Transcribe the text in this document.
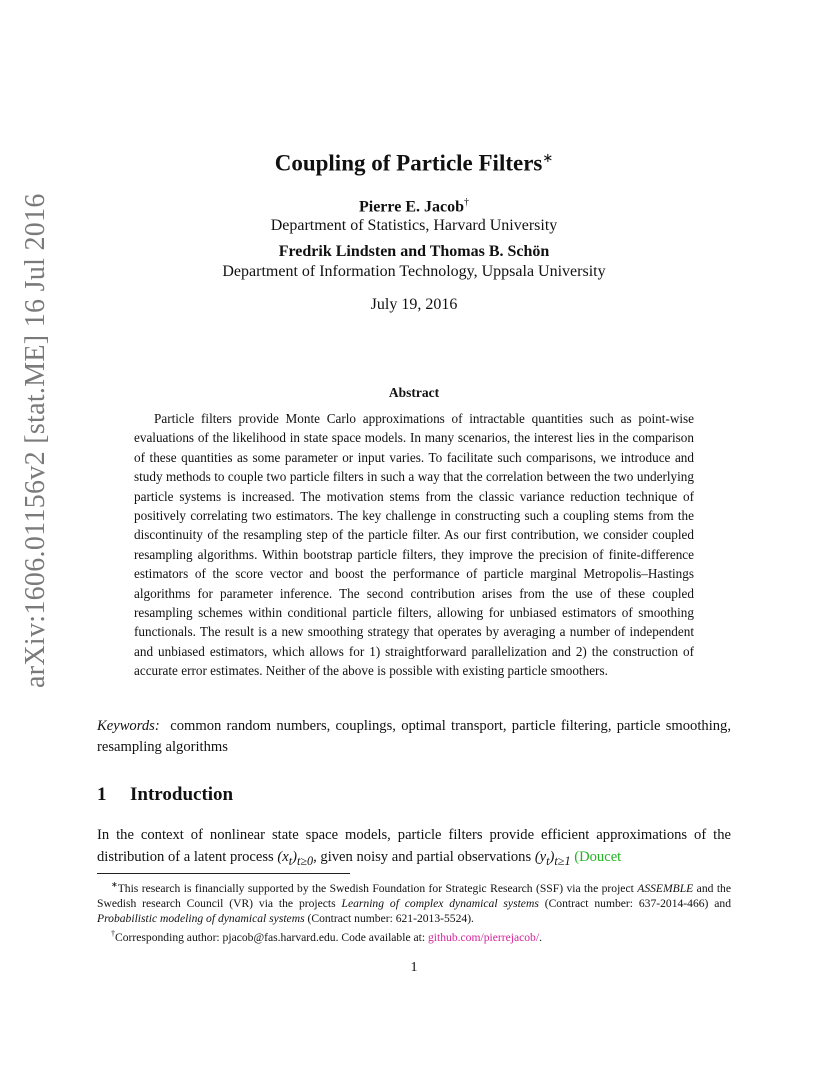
arXiv:1606.01156v2 [stat.ME] 16 Jul 2016
Coupling of Particle Filters∗
Pierre E. Jacob†
Department of Statistics, Harvard University
Fredrik Lindsten and Thomas B. Schön
Department of Information Technology, Uppsala University
July 19, 2016
Abstract

Particle filters provide Monte Carlo approximations of intractable quantities such as point-wise evaluations of the likelihood in state space models. In many scenarios, the interest lies in the comparison of these quantities as some parameter or input varies. To facilitate such comparisons, we introduce and study methods to couple two particle filters in such a way that the correlation between the two underlying particle systems is increased. The motivation stems from the classic variance reduction technique of positively correlating two estimators. The key challenge in constructing such a coupling stems from the discontinuity of the resampling step of the particle filter. As our first contribution, we consider coupled resampling algorithms. Within bootstrap particle filters, they improve the precision of finite-difference estimators of the score vector and boost the performance of particle marginal Metropolis–Hastings algorithms for parameter inference. The second contribution arises from the use of these coupled resampling schemes within conditional particle filters, allowing for unbiased estimators of smoothing functionals. The result is a new smoothing strategy that operates by averaging a number of independent and unbiased estimators, which allows for 1) straightforward parallelization and 2) the construction of accurate error estimates. Neither of the above is possible with existing particle smoothers.

Keywords: common random numbers, couplings, optimal transport, particle filtering, particle smoothing, resampling algorithms

1 Introduction

In the context of nonlinear state space models, particle filters provide efficient approximations of the distribution of a latent process $(x_t)_{t\ge 0}$, given noisy and partial observations $(y_t)_{t\ge 1}$ (Doucet

∗This research is financially supported by the Swedish Foundation for Strategic Research (SSF) via the project ASSEMBLE and the Swedish research Council (VR) via the projects Learning of complex dynamical systems (Contract number: 637-2014-466) and Probabilistic modeling of dynamical systems (Contract number: 621-2013-5524).

†Corresponding author: pjacob@fas.harvard.edu. Code available at: github.com/pierrejacob/.

1
